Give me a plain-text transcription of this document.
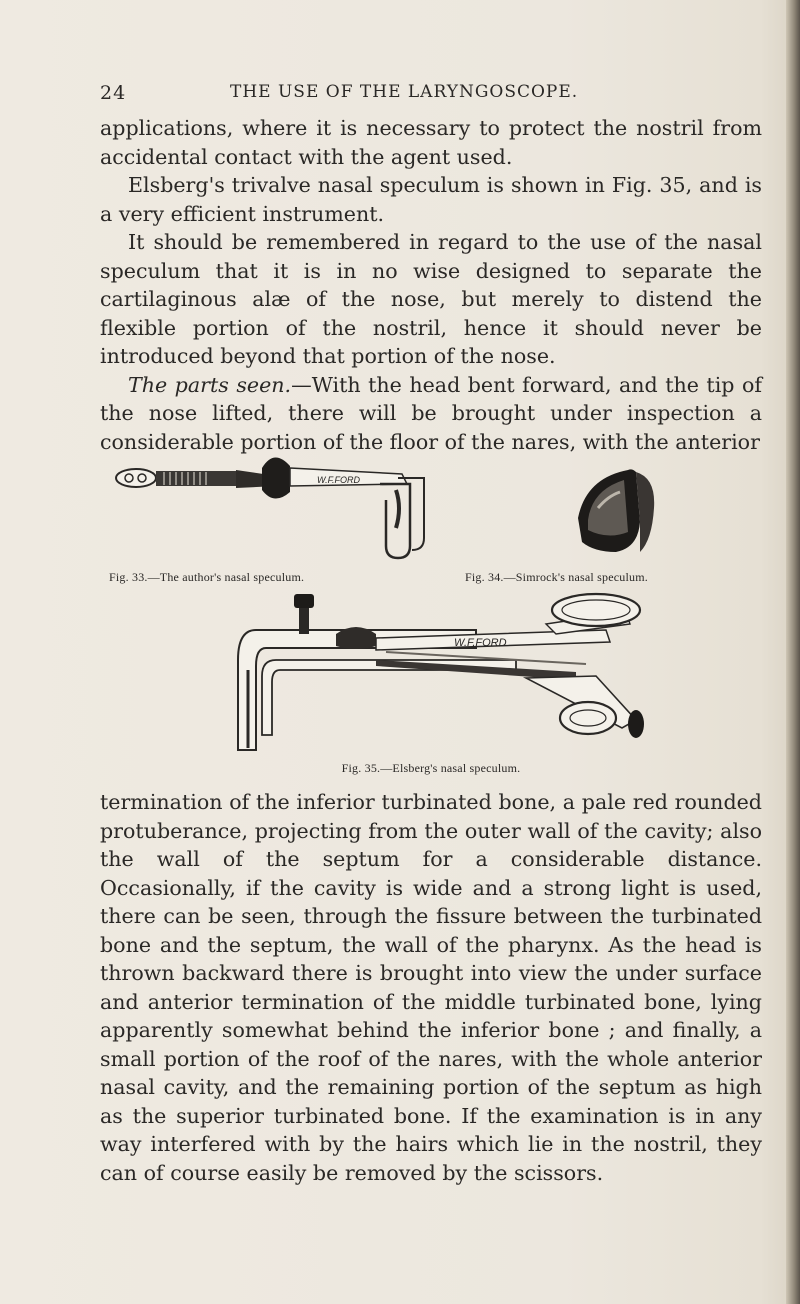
24	THE USE OF THE LARYNGOSCOPE.

applications, where it is necessary to protect the nostril from accidental contact with the agent used.

Elsberg's trivalve nasal speculum is shown in Fig. 35, and is a very efficient instrument.

It should be remembered in regard to the use of the nasal speculum that it is in no wise designed to separate the cartilaginous alæ of the nose, but merely to distend the flexible portion of the nostril, hence it should never be introduced beyond that portion of the nose.

The parts seen.—With the head bent forward, and the tip of the nose lifted, there will be brought under inspection a considerable portion of the floor of the nares, with the anterior

W.F.FORD
Fig. 33.—The author's nasal speculum.	Fig. 34.—Simrock's nasal speculum.
W.F.FORD
Fig. 35.—Elsberg's nasal speculum.

termination of the inferior turbinated bone, a pale red rounded protuberance, projecting from the outer wall of the cavity; also the wall of the septum for a considerable distance. Occasionally, if the cavity is wide and a strong light is used, there can be seen, through the fissure between the turbinated bone and the septum, the wall of the pharynx. As the head is thrown backward there is brought into view the under surface and anterior termination of the middle turbinated bone, lying apparently somewhat behind the inferior bone ; and finally, a small portion of the roof of the nares, with the whole anterior nasal cavity, and the remaining portion of the septum as high as the superior turbinated bone. If the examination is in any way interfered with by the hairs which lie in the nostril, they can of course easily be removed by the scissors.
